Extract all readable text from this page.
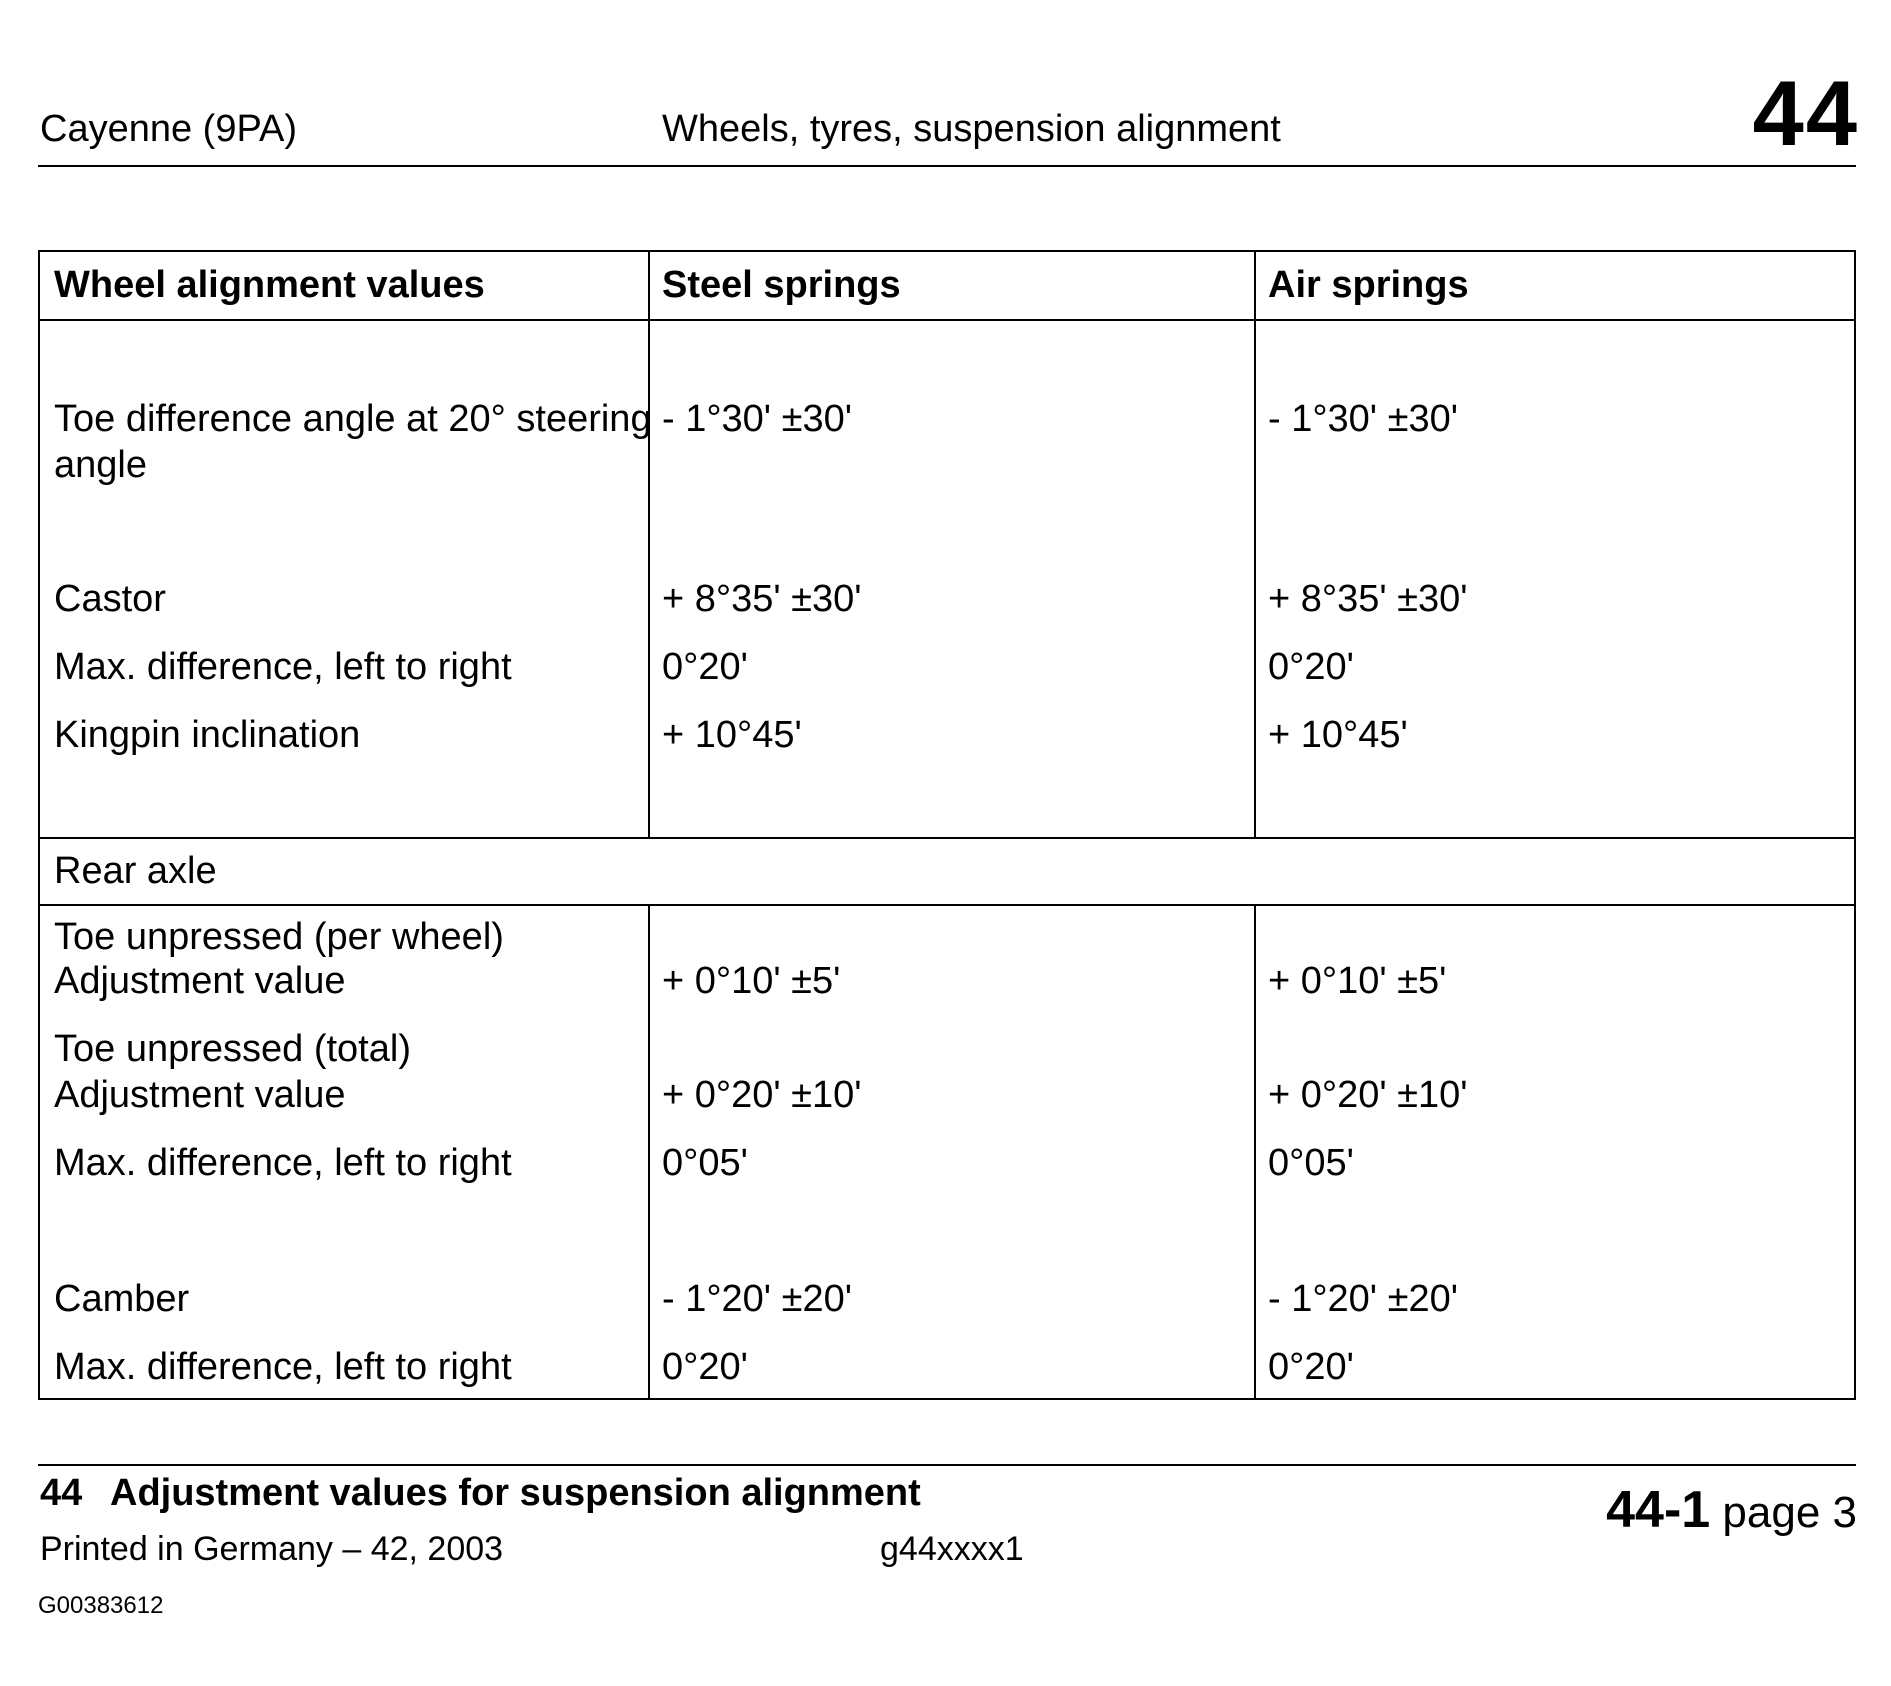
Cayenne (9PA)	Wheels, tyres, suspension alignment	44
Wheel alignment values	Steel springs	Air springs
Toe difference angle at 20° steering
angle
- 1°30' ±30'	- 1°30' ±30'
Castor	+ 8°35' ±30'	+ 8°35' ±30'
Max. difference, left to right	0°20'	0°20'
Kingpin inclination	+ 10°45'	+ 10°45'
Rear axle
Toe unpressed (per wheel)
Adjustment value	+ 0°10' ±5'	+ 0°10' ±5'
Toe unpressed (total)
Adjustment value	+ 0°20' ±10'	+ 0°20' ±10'
Max. difference, left to right	0°05'	0°05'
Camber	- 1°20' ±20'	- 1°20' ±20'
Max. difference, left to right	0°20'	0°20'
44 Adjustment values for suspension alignment
Printed in Germany – 42, 2003	g44xxxx1
44-1 page 3
G00383612
